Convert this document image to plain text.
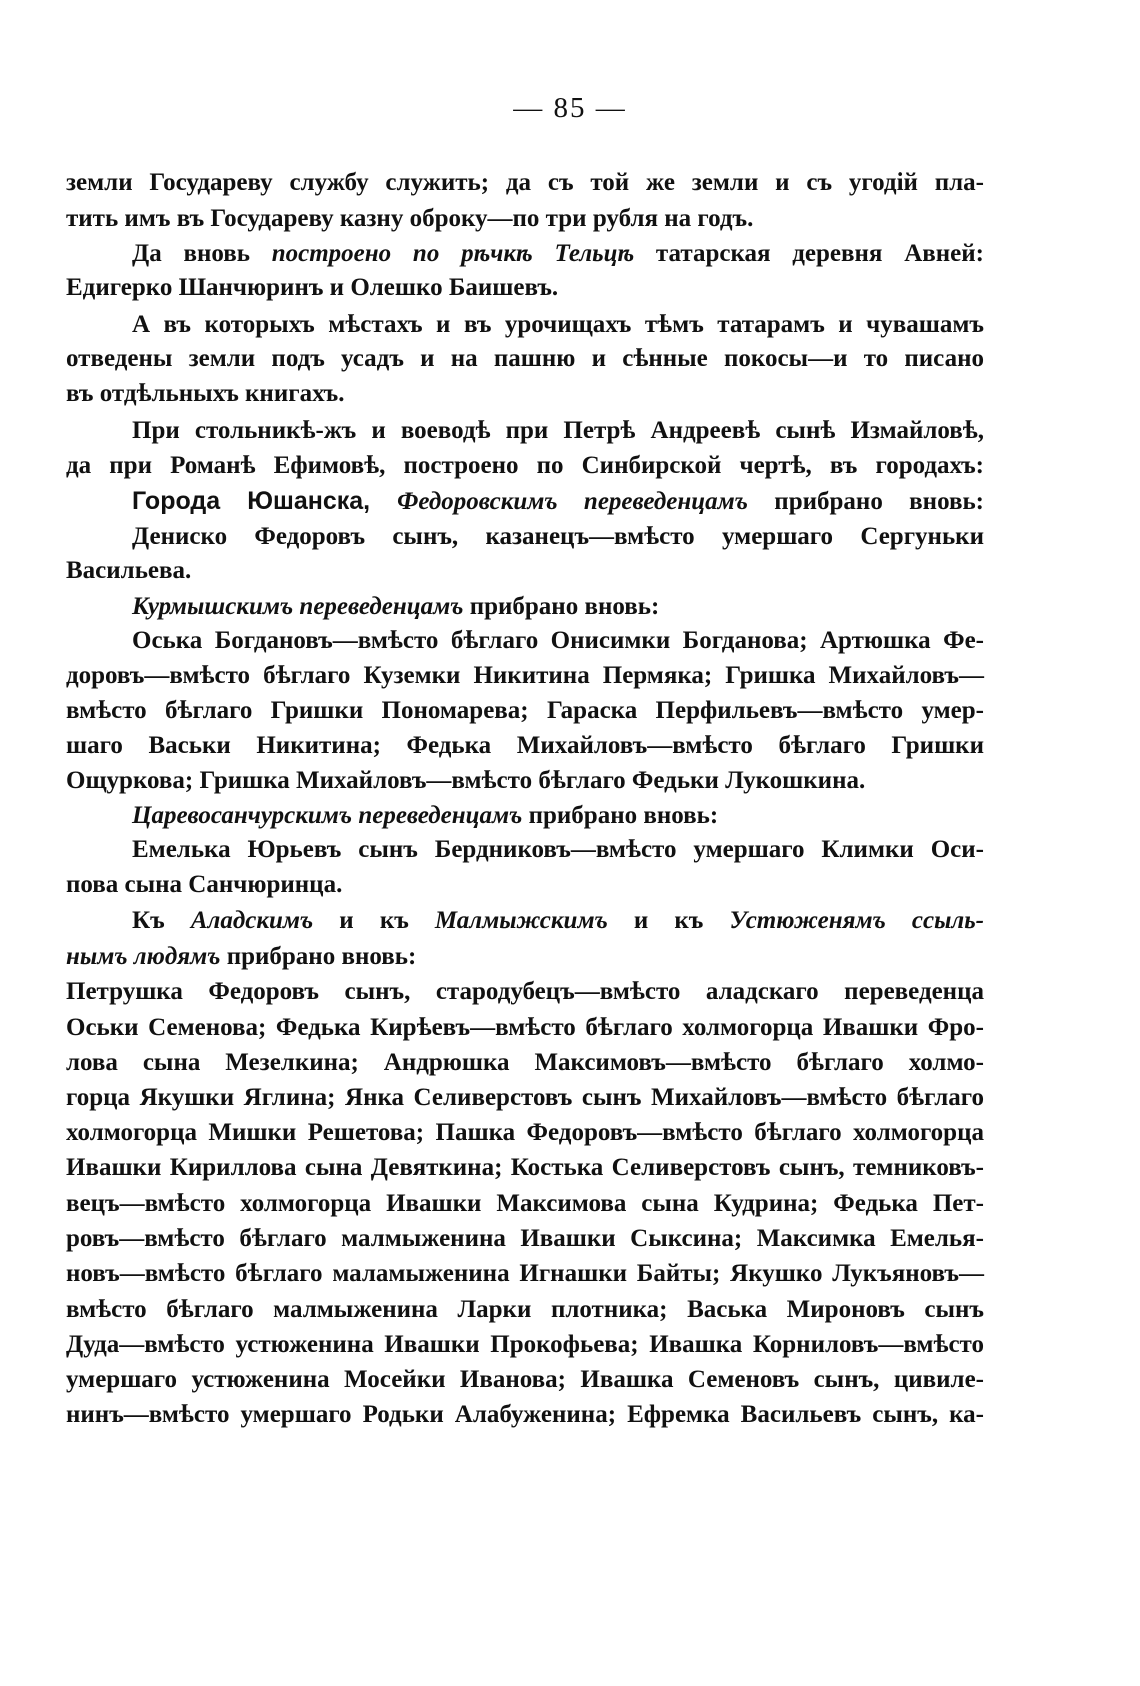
— 85 —
земли Государеву службу служить; да съ той же земли и съ угодій пла-
тить имъ въ Государеву казну оброку—по три рубля на годъ.
Да вновь построено по рѣчкѣ Тельцѣ татарская деревня Авней:
Едигерко Шанчюринъ и Олешко Баишевъ.
А въ которыхъ мѣстахъ и въ урочищахъ тѣмъ татарамъ и чувашамъ
отведены земли подъ усадъ и на пашню и сѣнные покосы—и то писано
въ отдѣльныхъ книгахъ.
При стольникѣ-жъ и воеводѣ при Петрѣ Андреевѣ сынѣ Измайловѣ,
да при Романѣ Ефимовѣ, построено по Синбирской чертѣ, въ городахъ:
Города Юшанска, Федоровскимъ переведенцамъ прибрано вновь:
Дениско Федоровъ сынъ, казанецъ—вмѣсто умершаго Сергуньки
Васильева.
Курмышскимъ переведенцамъ прибрано вновь:
Оська Богдановъ—вмѣсто бѣглаго Онисимки Богданова; Артюшка Фе-
доровъ—вмѣсто бѣглаго Куземки Никитина Пермяка; Гришка Михайловъ—
вмѣсто бѣглаго Гришки Пономарева; Гараска Перфильевъ—вмѣсто умер-
шаго Васьки Никитина; Федька Михайловъ—вмѣсто бѣглаго Гришки
Ощуркова; Гришка Михайловъ—вмѣсто бѣглаго Федьки Лукошкина.
Царевосанчурскимъ переведенцамъ прибрано вновь:
Емелька Юрьевъ сынъ Бердниковъ—вмѣсто умершаго Климки Оси-
пова сына Санчюринца.
Къ Аладскимъ и къ Малмыжскимъ и къ Устюженямъ ссыль-
нымъ людямъ прибрано вновь:
Петрушка Федоровъ сынъ, стародубецъ—вмѣсто аладскаго переведенца
Оськи Семенова; Федька Кирѣевъ—вмѣсто бѣглаго холмогорца Ивашки Фро-
лова сына Мезелкина; Андрюшка Максимовъ—вмѣсто бѣглаго холмо-
горца Якушки Яглина; Янка Селиверстовъ сынъ Михайловъ—вмѣсто бѣглаго
холмогорца Мишки Решетова; Пашка Федоровъ—вмѣсто бѣглаго холмогорца
Ивашки Кириллова сына Девяткина; Костька Селиверстовъ сынъ, темниковъ-
вецъ—вмѣсто холмогорца Ивашки Максимова сына Кудрина; Федька Пет-
ровъ—вмѣсто бѣглаго малмыженина Ивашки Сыксина; Максимка Емелья-
новъ—вмѣсто бѣглаго маламыженина Игнашки Байты; Якушко Лукъяновъ—
вмѣсто бѣглаго малмыженина Ларки плотника; Васька Мироновъ сынъ
Дуда—вмѣсто устюженина Ивашки Прокофьева; Ивашка Корниловъ—вмѣсто
умершаго устюженина Мосейки Иванова; Ивашка Семеновъ сынъ, цивиле-
нинъ—вмѣсто умершаго Родьки Алабуженина; Ефремка Васильевъ сынъ, ка-
